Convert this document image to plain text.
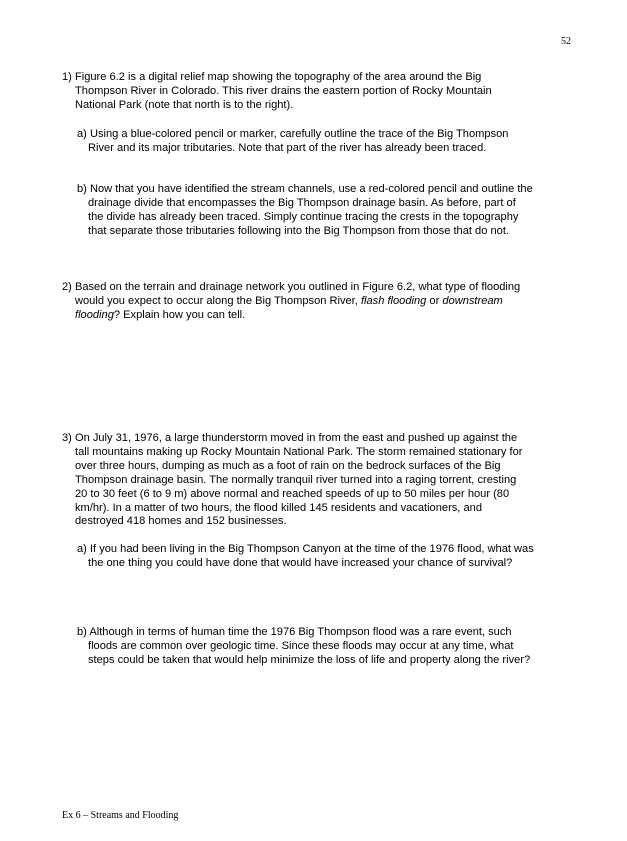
52
1) Figure 6.2 is a digital relief map showing the topography of the area around the Big
Thompson River in Colorado. This river drains the eastern portion of Rocky Mountain
National Park (note that north is to the right).
a) Using a blue-colored pencil or marker, carefully outline the trace of the Big Thompson
River and its major tributaries. Note that part of the river has already been traced.
b) Now that you have identified the stream channels, use a red-colored pencil and outline the
drainage divide that encompasses the Big Thompson drainage basin. As before, part of
the divide has already been traced. Simply continue tracing the crests in the topography
that separate those tributaries following into the Big Thompson from those that do not.
2) Based on the terrain and drainage network you outlined in Figure 6.2, what type of flooding
would you expect to occur along the Big Thompson River, flash flooding or downstream
flooding? Explain how you can tell.
3) On July 31, 1976, a large thunderstorm moved in from the east and pushed up against the
tall mountains making up Rocky Mountain National Park. The storm remained stationary for
over three hours, dumping as much as a foot of rain on the bedrock surfaces of the Big
Thompson drainage basin. The normally tranquil river turned into a raging torrent, cresting
20 to 30 feet (6 to 9 m) above normal and reached speeds of up to 50 miles per hour (80
km/hr). In a matter of two hours, the flood killed 145 residents and vacationers, and
destroyed 418 homes and 152 businesses.
a) If you had been living in the Big Thompson Canyon at the time of the 1976 flood, what was
the one thing you could have done that would have increased your chance of survival?
b) Although in terms of human time the 1976 Big Thompson flood was a rare event, such
floods are common over geologic time. Since these floods may occur at any time, what
steps could be taken that would help minimize the loss of life and property along the river?
Ex 6 – Streams and Flooding
